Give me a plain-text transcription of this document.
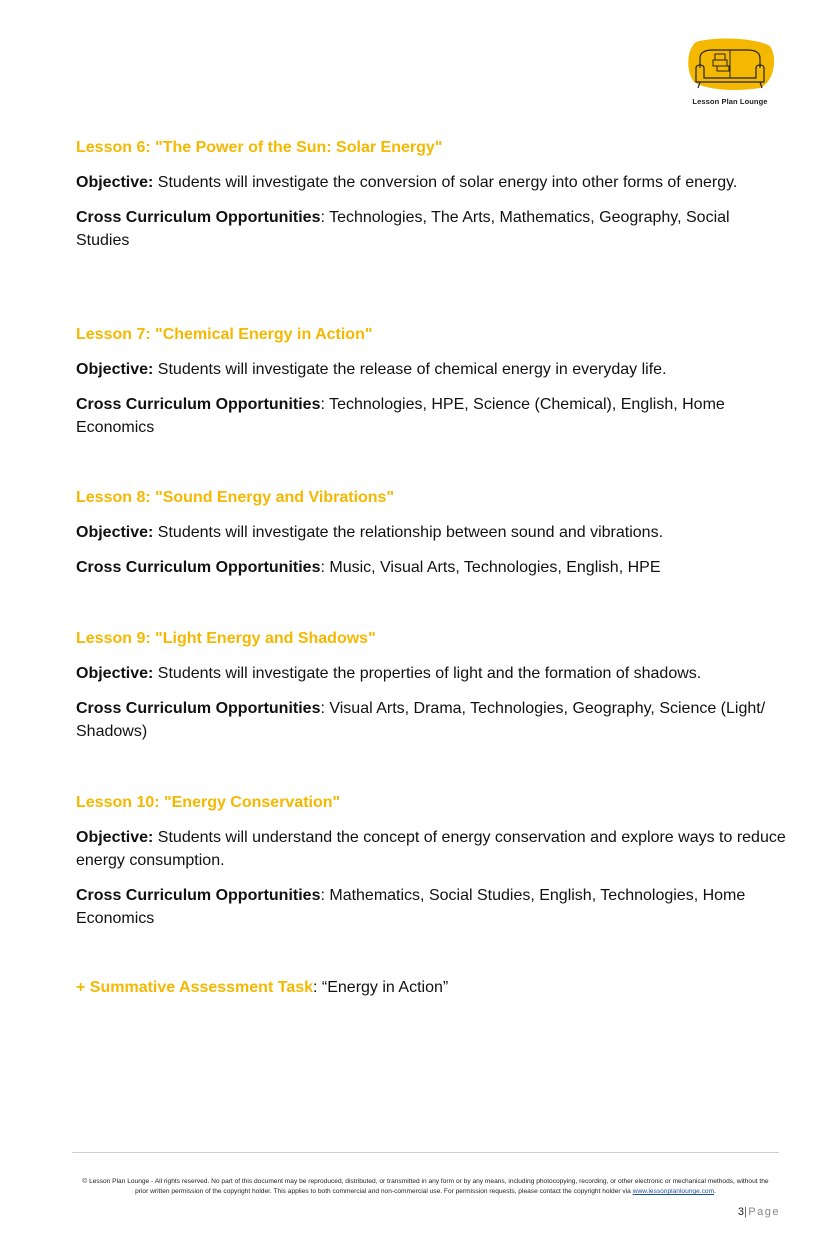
Lesson Plan Lounge
Lesson 6: "The Power of the Sun: Solar Energy"

Objective: Students will investigate the conversion of solar energy into other forms of energy.

Cross Curriculum Opportunities: Technologies, The Arts, Mathematics, Geography, Social Studies

Lesson 7: "Chemical Energy in Action"

Objective: Students will investigate the release of chemical energy in everyday life.

Cross Curriculum Opportunities: Technologies, HPE, Science (Chemical), English, Home Economics

Lesson 8: "Sound Energy and Vibrations"

Objective: Students will investigate the relationship between sound and vibrations.

Cross Curriculum Opportunities: Music, Visual Arts, Technologies, English, HPE

Lesson 9: "Light Energy and Shadows"

Objective: Students will investigate the properties of light and the formation of shadows.

Cross Curriculum Opportunities: Visual Arts, Drama, Technologies, Geography, Science (Light/ Shadows)

Lesson 10: "Energy Conservation"

Objective: Students will understand the concept of energy conservation and explore ways to reduce energy consumption.

Cross Curriculum Opportunities: Mathematics, Social Studies, English, Technologies, Home Economics

+ Summative Assessment Task: “Energy in Action”
© Lesson Plan Lounge - All rights reserved. No part of this document may be reproduced, distributed, or transmitted in any form or by any means, including photocopying, recording, or other electronic or mechanical methods, without the prior written permission of the copyright holder. This applies to both commercial and non-commercial use. For permission requests, please contact the copyright holder via www.lessonplanlounge.com.
3|Page
